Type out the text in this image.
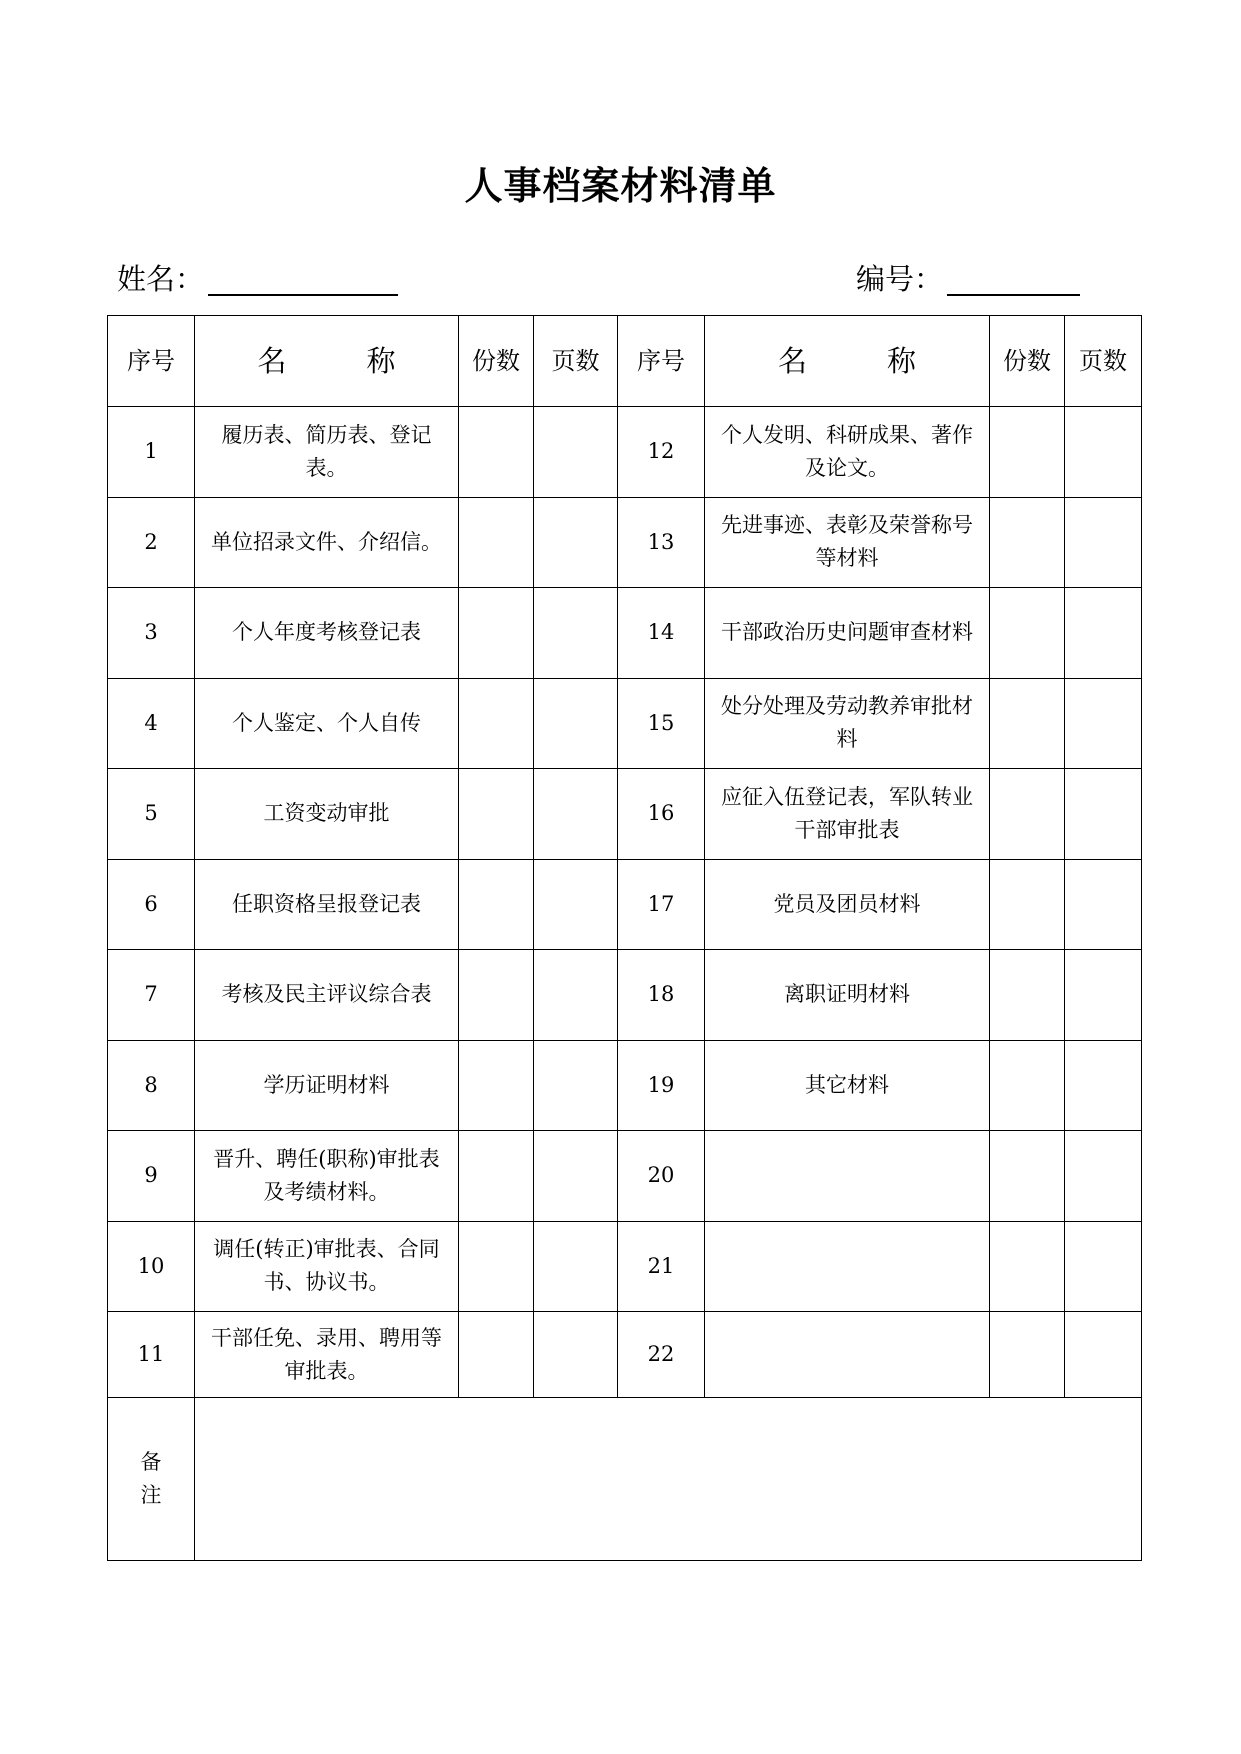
人事档案材料清单
姓名：	编号：
序号	名 称	份数	页数	序号	名 称	份数	页数
1	履历表、简历表、登记表。			12	个人发明、科研成果、著作及论文。		
2	单位招录文件、介绍信。			13	先进事迹、表彰及荣誉称号等材料		
3	个人年度考核登记表			14	干部政治历史问题审查材料		
4	个人鉴定、个人自传			15	处分处理及劳动教养审批材料		
5	工资变动审批			16	应征入伍登记表，军队转业干部审批表		
6	任职资格呈报登记表			17	党员及团员材料		
7	考核及民主评议综合表			18	离职证明材料		
8	学历证明材料			19	其它材料		
9	晋升、聘任(职称)审批表及考绩材料。			20			
10	调任(转正)审批表、合同书、协议书。			21			
11	干部任免、录用、聘用等审批表。			22			

备
注							
